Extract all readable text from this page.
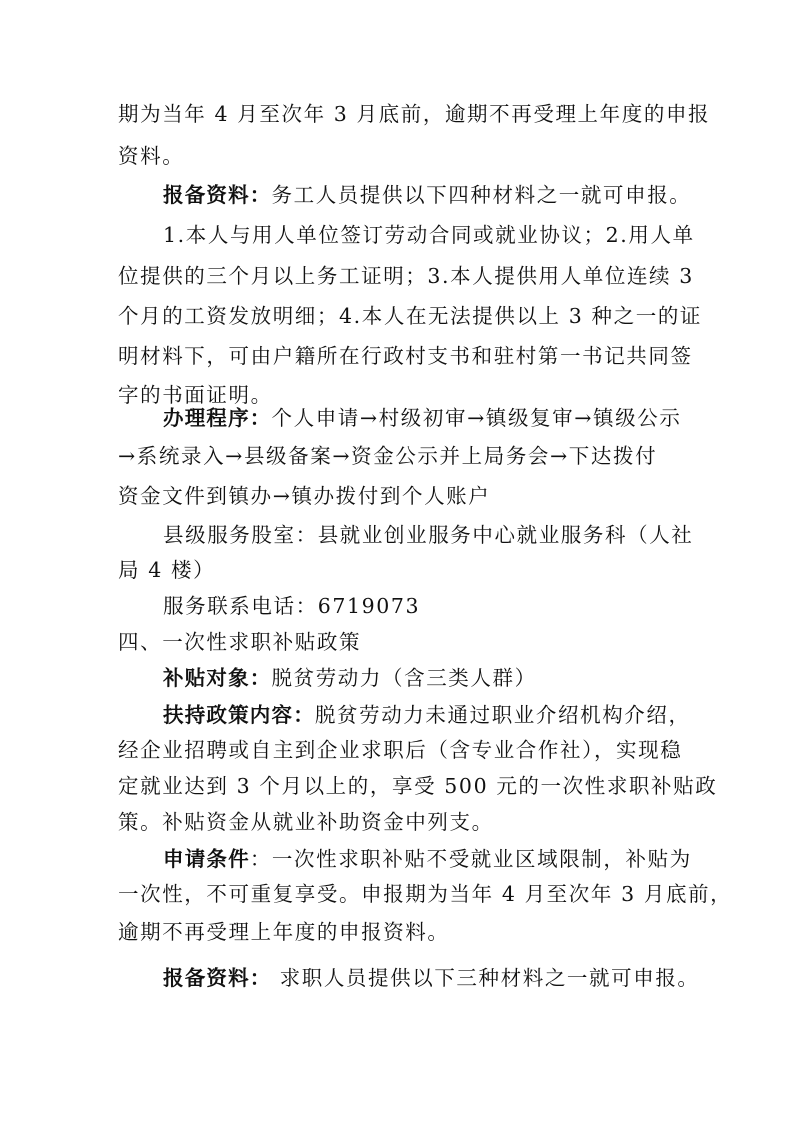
期为当年 4 月至次年 3 月底前，逾期不再受理上年度的申报
资料。
报备资料：务工人员提供以下四种材料之一就可申报。
1.本人与用人单位签订劳动合同或就业协议；2.用人单
位提供的三个月以上务工证明；3.本人提供用人单位连续 3
个月的工资发放明细；4.本人在无法提供以上 3 种之一的证
明材料下，可由户籍所在行政村支书和驻村第一书记共同签
字的书面证明。
办理程序：个人申请→村级初审→镇级复审→镇级公示
→系统录入→县级备案→资金公示并上局务会→下达拨付
资金文件到镇办→镇办拨付到个人账户
县级服务股室：县就业创业服务中心就业服务科（人社
局 4 楼）
服务联系电话：6719073
四、一次性求职补贴政策
补贴对象：脱贫劳动力（含三类人群）
扶持政策内容：脱贫劳动力未通过职业介绍机构介绍，
经企业招聘或自主到企业求职后（含专业合作社），实现稳
定就业达到 3 个月以上的，享受 500 元的一次性求职补贴政
策。补贴资金从就业补助资金中列支。
申请条件：一次性求职补贴不受就业区域限制，补贴为
一次性，不可重复享受。申报期为当年 4 月至次年 3 月底前，
逾期不再受理上年度的申报资料。
报备资料： 求职人员提供以下三种材料之一就可申报。
